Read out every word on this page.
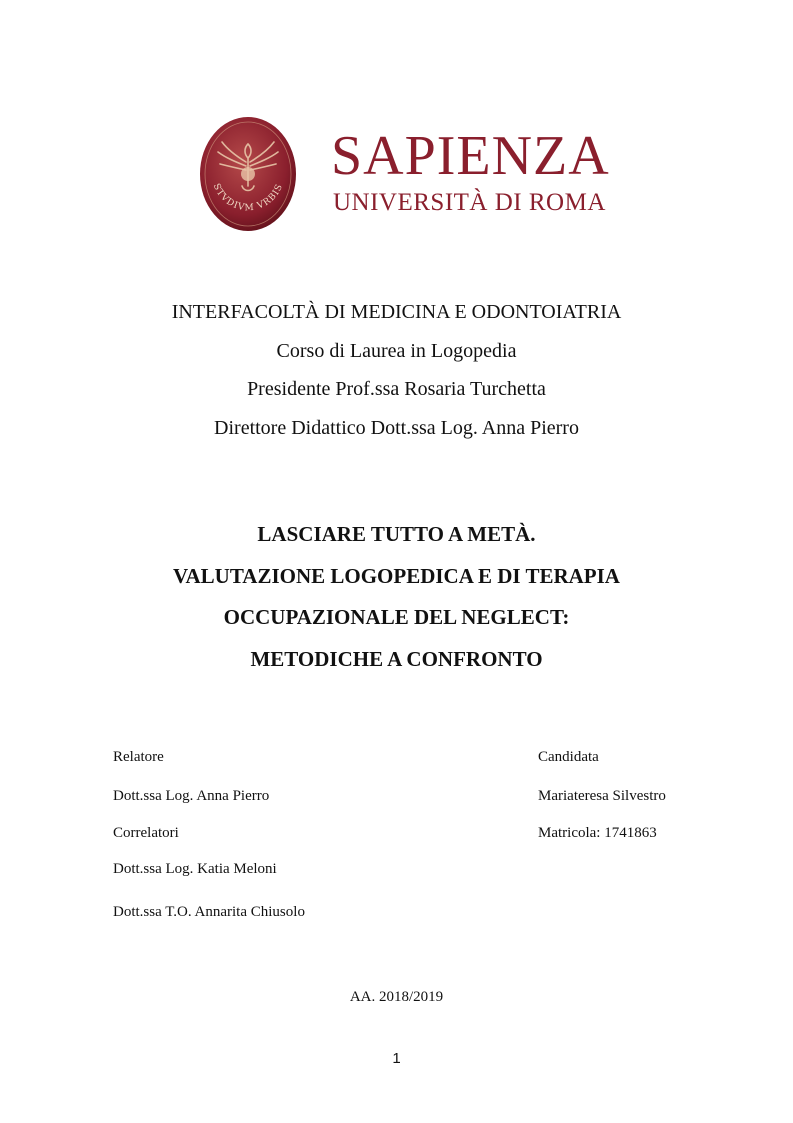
STVDIVM VRBIS
SAPIENZA
UNIVERSITÀ DI ROMA
INTERFACOLTÀ DI MEDICINA E ODONTOIATRIA
Corso di Laurea in Logopedia
Presidente Prof.ssa Rosaria Turchetta
Direttore Didattico Dott.ssa Log. Anna Pierro
LASCIARE TUTTO A METÀ.
VALUTAZIONE LOGOPEDICA E DI TERAPIA
OCCUPAZIONALE DEL NEGLECT:
METODICHE A CONFRONTO
Relatore
Dott.ssa Log. Anna Pierro
Correlatori
Dott.ssa Log. Katia Meloni
Dott.ssa T.O. Annarita Chiusolo
Candidata
Mariateresa Silvestro
Matricola: 1741863
AA. 2018/2019
1
